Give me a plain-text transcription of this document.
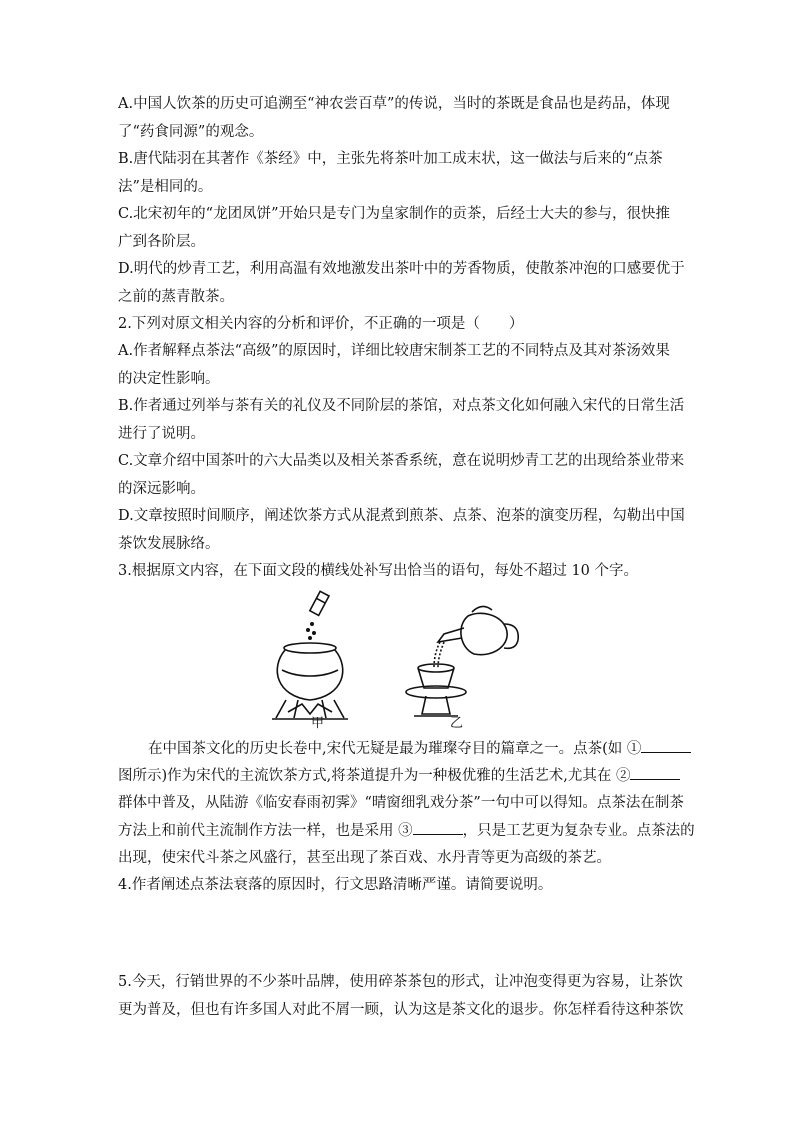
A.中国人饮茶的历史可追溯至“神农尝百草”的传说，当时的茶既是食品也是药品，体现
了“药食同源”的观念。
B.唐代陆羽在其著作《茶经》中，主张先将茶叶加工成末状，这一做法与后来的“点茶
法”是相同的。
C.北宋初年的“龙团凤饼”开始只是专门为皇家制作的贡茶，后经士大夫的参与，很快推
广到各阶层。
D.明代的炒青工艺，利用高温有效地激发出茶叶中的芳香物质，使散茶冲泡的口感要优于
之前的蒸青散茶。
2.下列对原文相关内容的分析和评价，不正确的一项是（　　）
A.作者解释点茶法“高级”的原因时，详细比较唐宋制茶工艺的不同特点及其对茶汤效果
的决定性影响。
B.作者通过列举与茶有关的礼仪及不同阶层的茶馆，对点茶文化如何融入宋代的日常生活
进行了说明。
C.文章介绍中国茶叶的六大品类以及相关茶香系统，意在说明炒青工艺的出现给茶业带来
的深远影响。
D.文章按照时间顺序，阐述饮茶方式从混煮到煎茶、点茶、泡茶的演变历程，勾勒出中国
茶饮发展脉络。
3.根据原文内容，在下面文段的横线处补写出恰当的语句，每处不超过 10 个字。
甲	乙
在中国茶文化的历史长卷中,宋代无疑是最为璀璨夺目的篇章之一。点茶(如 ①
图所示)作为宋代的主流饮茶方式,将茶道提升为一种极优雅的生活艺术,尤其在 ②
群体中普及，从陆游《临安春雨初霁》“晴窗细乳戏分茶”一句中可以得知。点茶法在制茶
方法上和前代主流制作方法一样，也是采用 ③	，只是工艺更为复杂专业。点茶法的
出现，使宋代斗茶之风盛行，甚至出现了茶百戏、水丹青等更为高级的茶艺。
4.作者阐述点茶法衰落的原因时，行文思路清晰严谨。请简要说明。
5.今天，行销世界的不少茶叶品牌，使用碎茶茶包的形式，让冲泡变得更为容易，让茶饮
更为普及，但也有许多国人对此不屑一顾，认为这是茶文化的退步。你怎样看待这种茶饮
